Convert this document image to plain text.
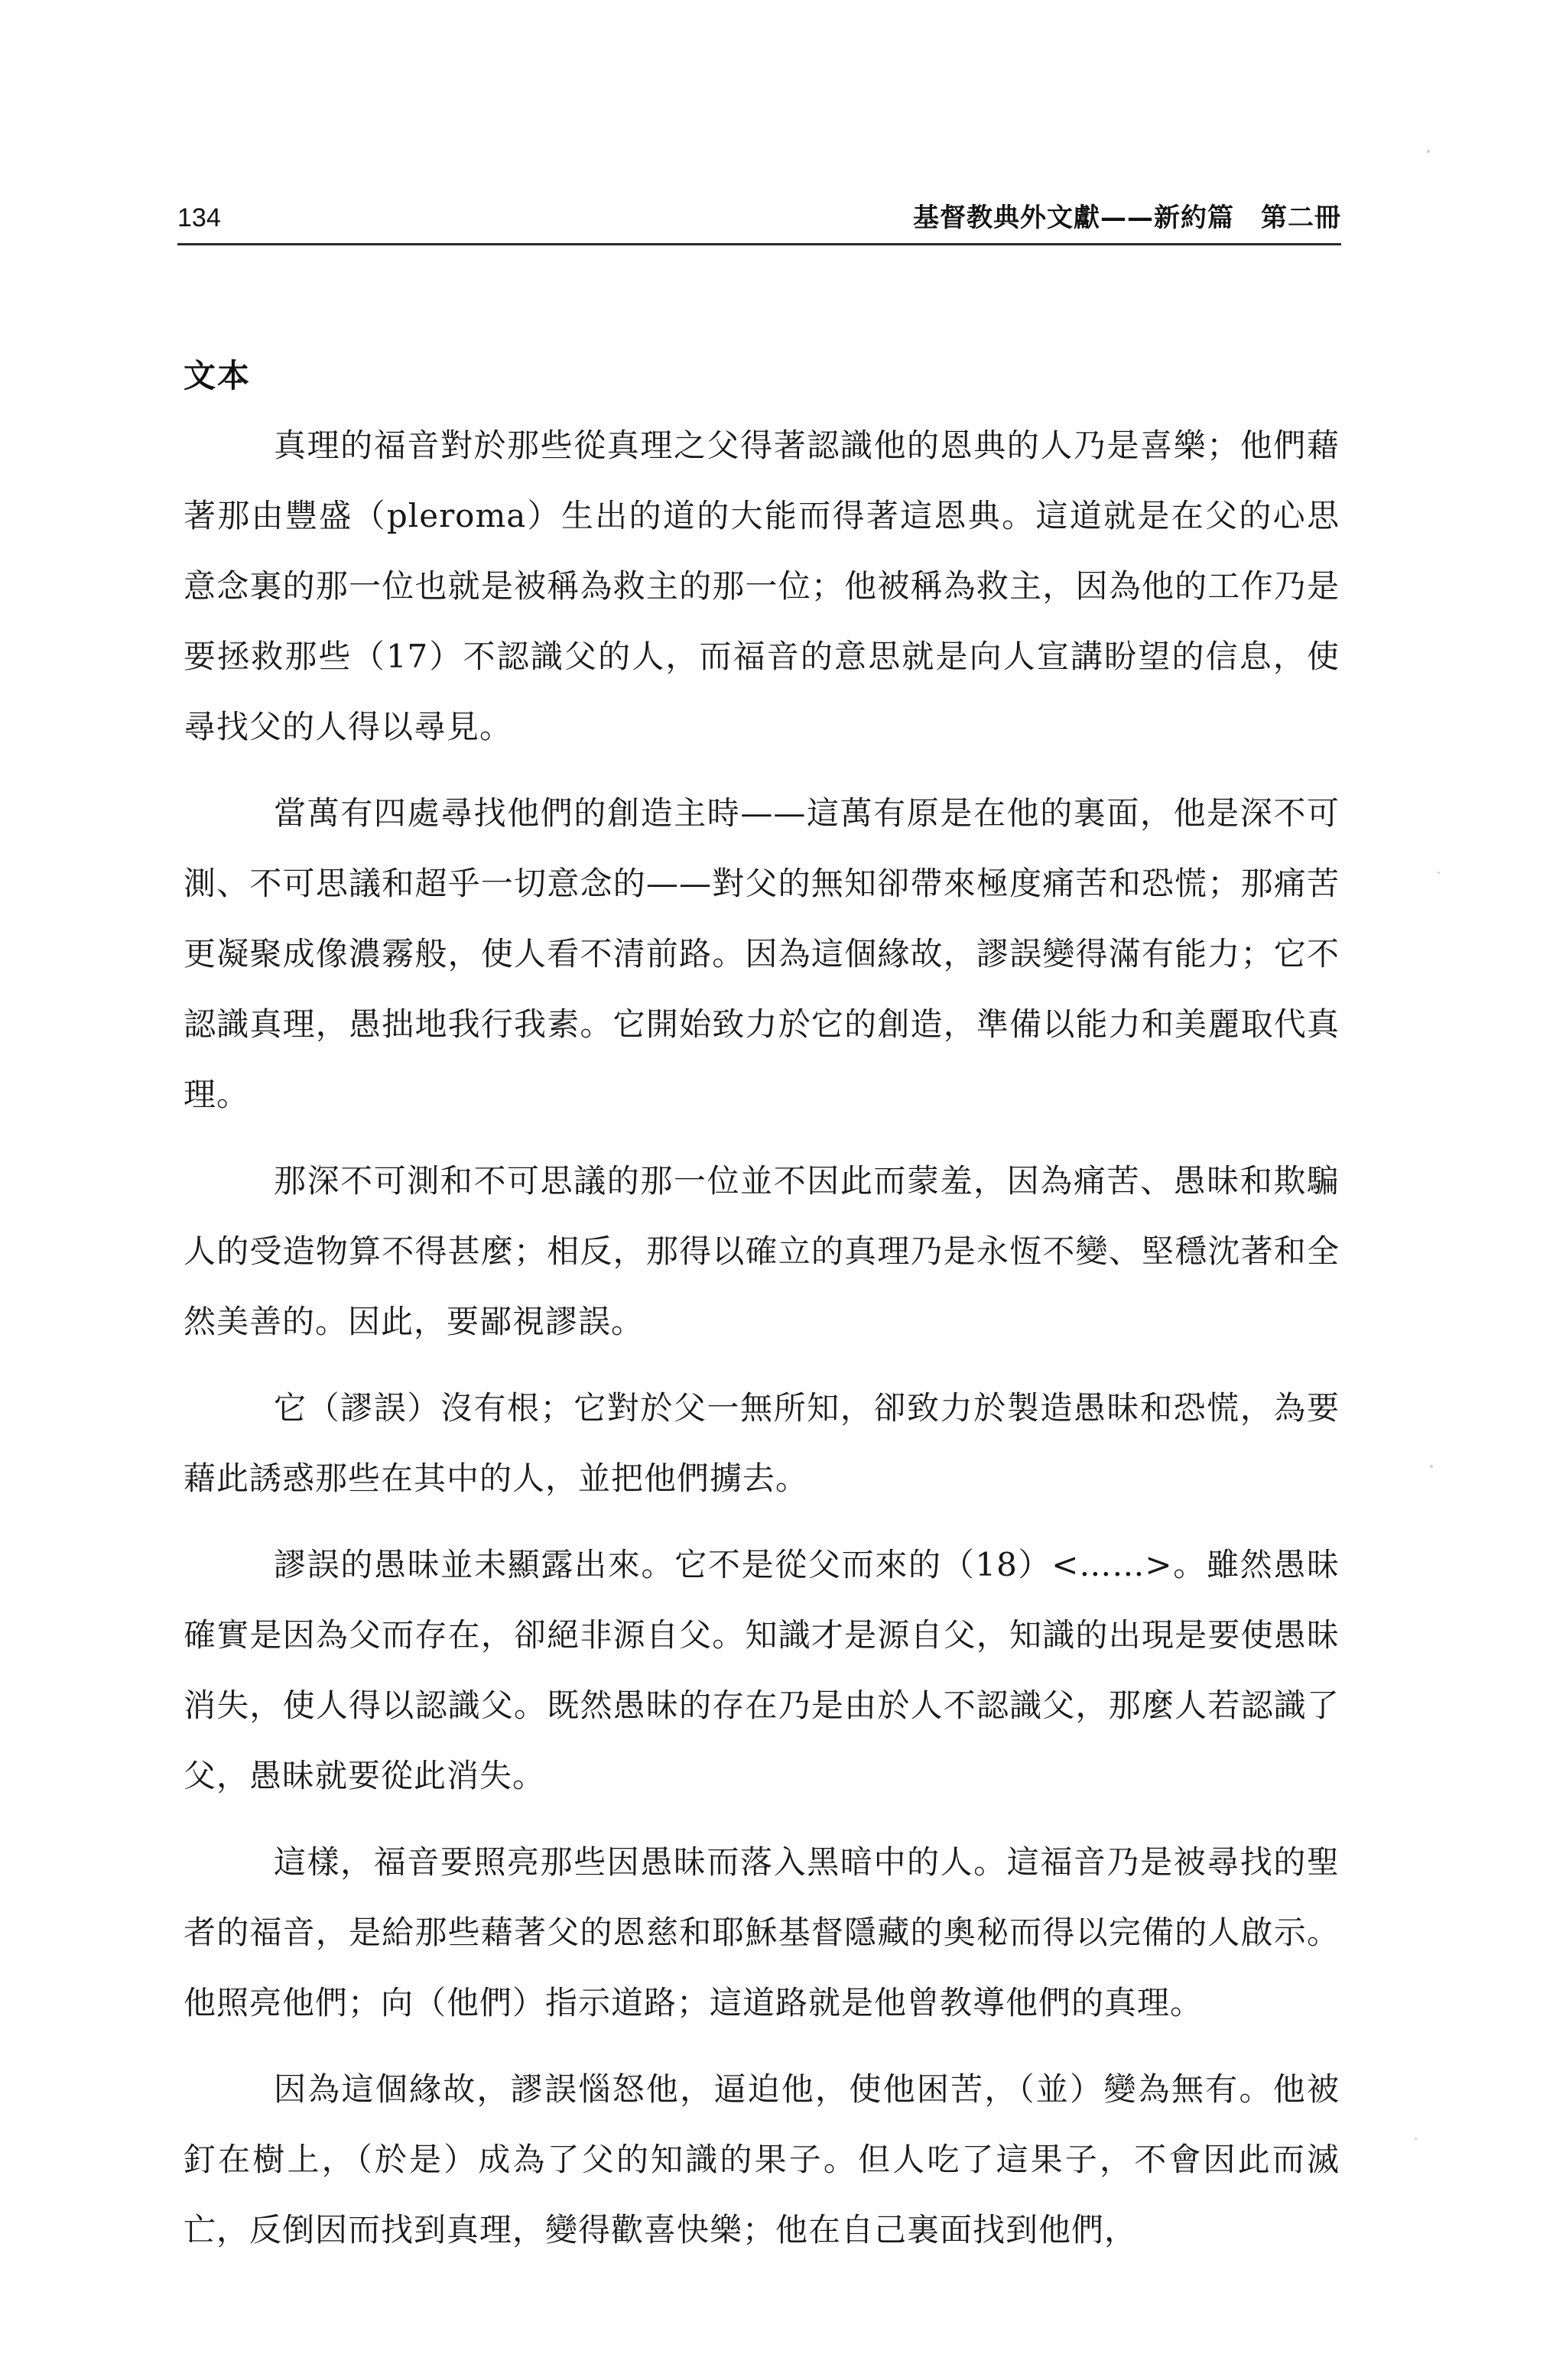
134	基督教典外文獻——新約篇　第二冊
文本

真理的福音對於那些從真理之父得著認識他的恩典的人乃是喜樂；他們藉著那由豐盛（pleroma）生出的道的大能而得著這恩典。這道就是在父的心思意念裏的那一位也就是被稱為救主的那一位；他被稱為救主，因為他的工作乃是要拯救那些（17）不認識父的人，而福音的意思就是向人宣講盼望的信息，使尋找父的人得以尋見。

當萬有四處尋找他們的創造主時——這萬有原是在他的裏面，他是深不可測、不可思議和超乎一切意念的——對父的無知卻帶來極度痛苦和恐慌；那痛苦更凝聚成像濃霧般，使人看不清前路。因為這個緣故，謬誤變得滿有能力；它不認識真理，愚拙地我行我素。它開始致力於它的創造，準備以能力和美麗取代真理。

那深不可測和不可思議的那一位並不因此而蒙羞，因為痛苦、愚昧和欺騙人的受造物算不得甚麼；相反，那得以確立的真理乃是永恆不變、堅穩沈著和全然美善的。因此，要鄙視謬誤。

它（謬誤）沒有根；它對於父一無所知，卻致力於製造愚昧和恐慌，為要藉此誘惑那些在其中的人，並把他們擄去。

謬誤的愚昧並未顯露出來。它不是從父而來的（18）<……>。雖然愚昧確實是因為父而存在，卻絕非源自父。知識才是源自父，知識的出現是要使愚昧消失，使人得以認識父。既然愚昧的存在乃是由於人不認識父，那麼人若認識了父，愚昧就要從此消失。

這樣，福音要照亮那些因愚昧而落入黑暗中的人。這福音乃是被尋找的聖者的福音，是給那些藉著父的恩慈和耶穌基督隱藏的奧秘而得以完備的人啟示。他照亮他們；向（他們）指示道路；這道路就是他曾教導他們的真理。

因為這個緣故，謬誤惱怒他，逼迫他，使他困苦，（並）變為無有。他被釘在樹上，（於是）成為了父的知識的果子。但人吃了這果子，不會因此而滅亡，反倒因而找到真理，變得歡喜快樂；他在自己裏面找到他們，
